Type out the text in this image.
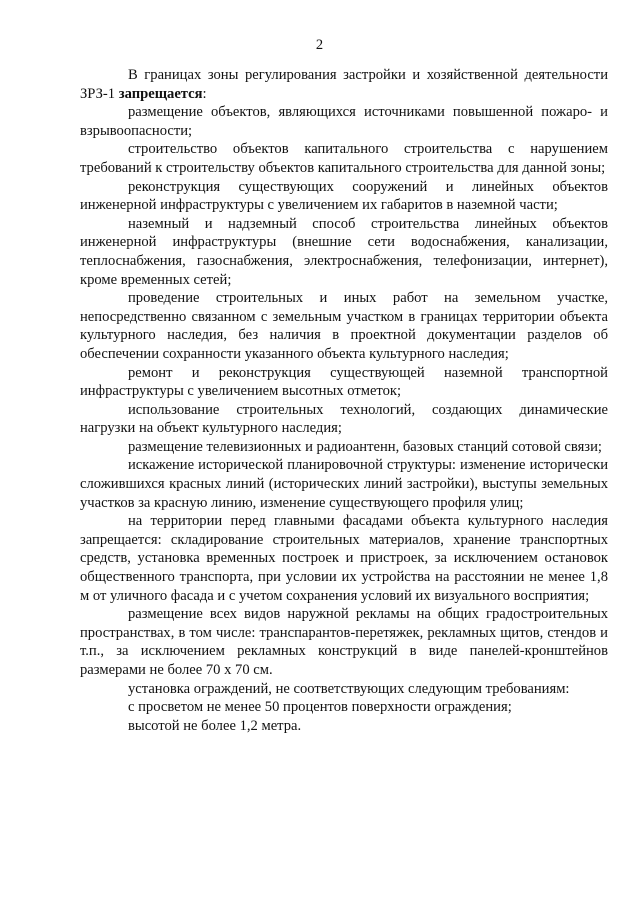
2

В границах зоны регулирования застройки и хозяйственной деятельности ЗРЗ-1 запрещается:

размещение объектов, являющихся источниками повышенной пожаро- и взрывоопасности;

строительство объектов капитального строительства с нарушением требований к строительству объектов капитального строительства для данной зоны;

реконструкция существующих сооружений и линейных объектов инженерной инфраструктуры с увеличением их габаритов в наземной части;

наземный и надземный способ строительства линейных объектов инженерной инфраструктуры (внешние сети водоснабжения, канализации, теплоснабжения, газоснабжения, электроснабжения, телефонизации, интернет), кроме временных сетей;

проведение строительных и иных работ на земельном участке, непосредственно связанном с земельным участком в границах территории объекта культурного наследия, без наличия в проектной документации разделов об обеспечении сохранности указанного объекта культурного наследия;

ремонт и реконструкция существующей наземной транспортной инфраструктуры с увеличением высотных отметок;

использование строительных технологий, создающих динамические нагрузки на объект культурного наследия;

размещение телевизионных и радиоантенн, базовых станций сотовой связи;

искажение исторической планировочной структуры: изменение исторически сложившихся красных линий (исторических линий застройки), выступы земельных участков за красную линию, изменение существующего профиля улиц;

на территории перед главными фасадами объекта культурного наследия запрещается: складирование строительных материалов, хранение транспортных средств, установка временных построек и пристроек, за исключением остановок общественного транспорта, при условии их устройства на расстоянии не менее 1,8 м от уличного фасада и с учетом сохранения условий их визуального восприятия;

размещение всех видов наружной рекламы на общих градостроительных пространствах, в том числе: транспарантов-перетяжек, рекламных щитов, стендов и т.п., за исключением рекламных конструкций в виде панелей-кронштейнов размерами не более 70 х 70 см.

установка ограждений, не соответствующих следующим требованиям:

с просветом не менее 50 процентов поверхности ограждения;

высотой не более 1,2 метра.
